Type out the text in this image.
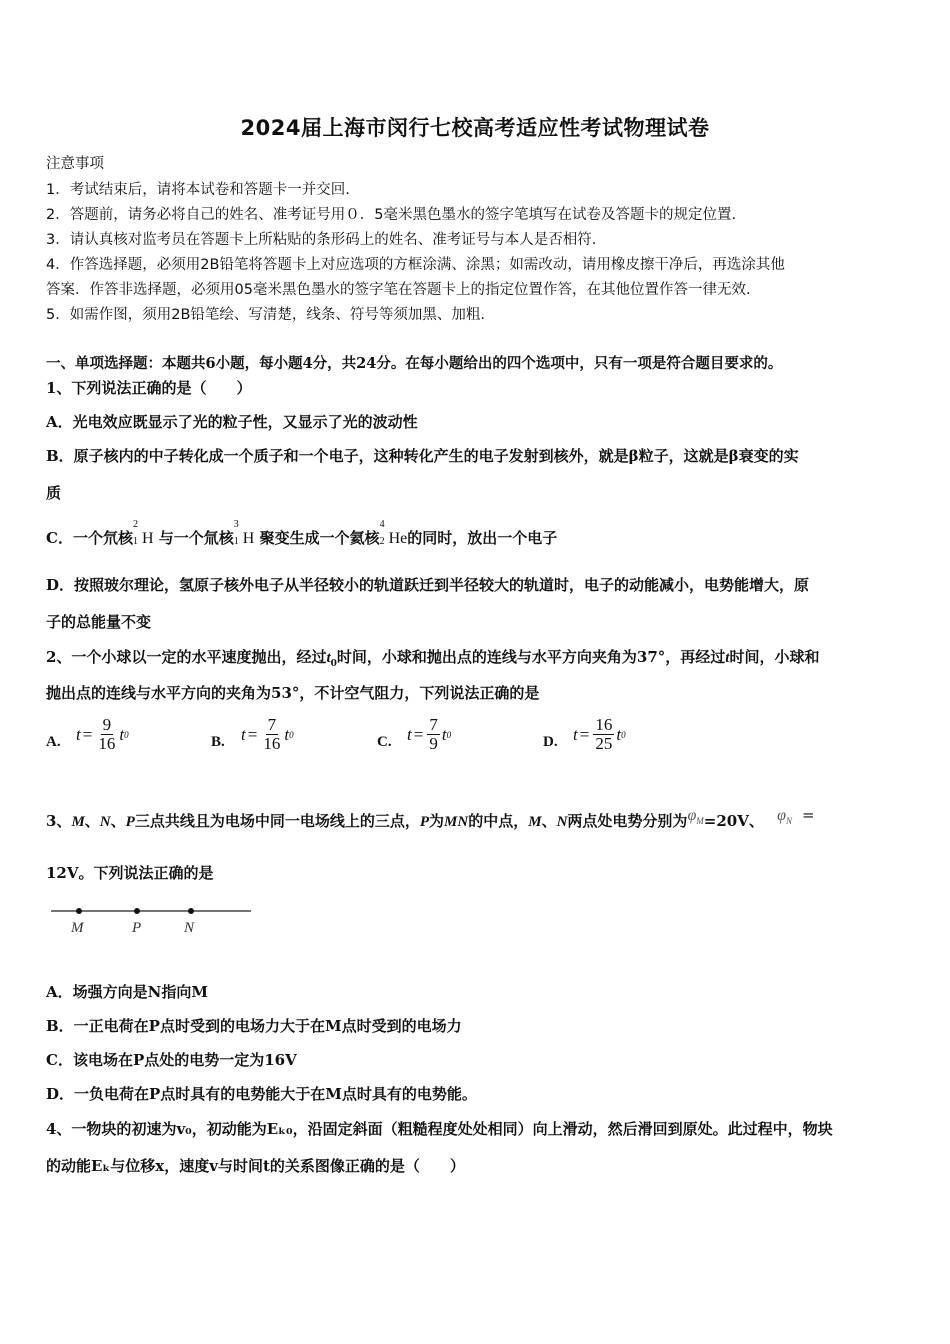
2024届上海市闵行七校高考适应性考试物理试卷
注意事项
1．考试结束后，请将本试卷和答题卡一并交回.
2．答题前，请务必将自己的姓名、准考证号用０．5毫米黑色墨水的签字笔填写在试卷及答题卡的规定位置.
3．请认真核对监考员在答题卡上所粘贴的条形码上的姓名、准考证号与本人是否相符.
4．作答选择题，必须用2B铅笔将答题卡上对应选项的方框涂满、涂黑；如需改动，请用橡皮擦干净后，再选涂其他
答案．作答非选择题，必须用05毫米黑色墨水的签字笔在答题卡上的指定位置作答，在其他位置作答一律无效.
5．如需作图，须用2B铅笔绘、写清楚，线条、符号等须加黑、加粗.
一、单项选择题：本题共6小题，每小题4分，共24分。在每小题给出的四个选项中，只有一项是符合题目要求的。
1、下列说法正确的是（　　）
A．光电效应既显示了光的粒子性，又显示了光的波动性
B．原子核内的中子转化成一个质子和一个电子，这种转化产生的电子发射到核外，就是β粒子，这就是β衰变的实
质
C．一个氘核
2
1 H 与一个氚核
3
1 H 聚变生成一个氦核
4
2 He的同时，放出一个电子
D．按照玻尔理论，氢原子核外电子从半径较小的轨道跃迁到半径较大的轨道时，电子的动能减小，电势能增大，原
子的总能量不变
2、一个小球以一定的水平速度抛出，经过$t_0$时间，小球和抛出点的连线与水平方向夹角为37°，再经过t时间，小球和
抛出点的连线与水平方向的夹角为53°，不计空气阻力，下列说法正确的是
A. $t = \frac{9}{16}$ t 0	B. $t = \frac{7}{16}$ t 0	C. $t = \frac{7}{9}$ t 0	D. $t = \frac{16}{25}$ t 0
3、M、N、P三点共线且为电场中同一电场线上的三点，P为MN的中点，M、N两点处电势分别为$\varphi_M=20V$、 $\varphi_N$ =
12V。下列说法正确的是
M	P	N
A．场强方向是N指向M
B．一正电荷在P点时受到的电场力大于在M点时受到的电场力
C．该电场在P点处的电势一定为16V
D．一负电荷在P点时具有的电势能大于在M点时具有的电势能。
4、一物块的初速为v₀，初动能为Eₖ₀，沿固定斜面（粗糙程度处处相同）向上滑动，然后滑回到原处。此过程中，物块
的动能Eₖ与位移x，速度v与时间t的关系图像正确的是（　　）
